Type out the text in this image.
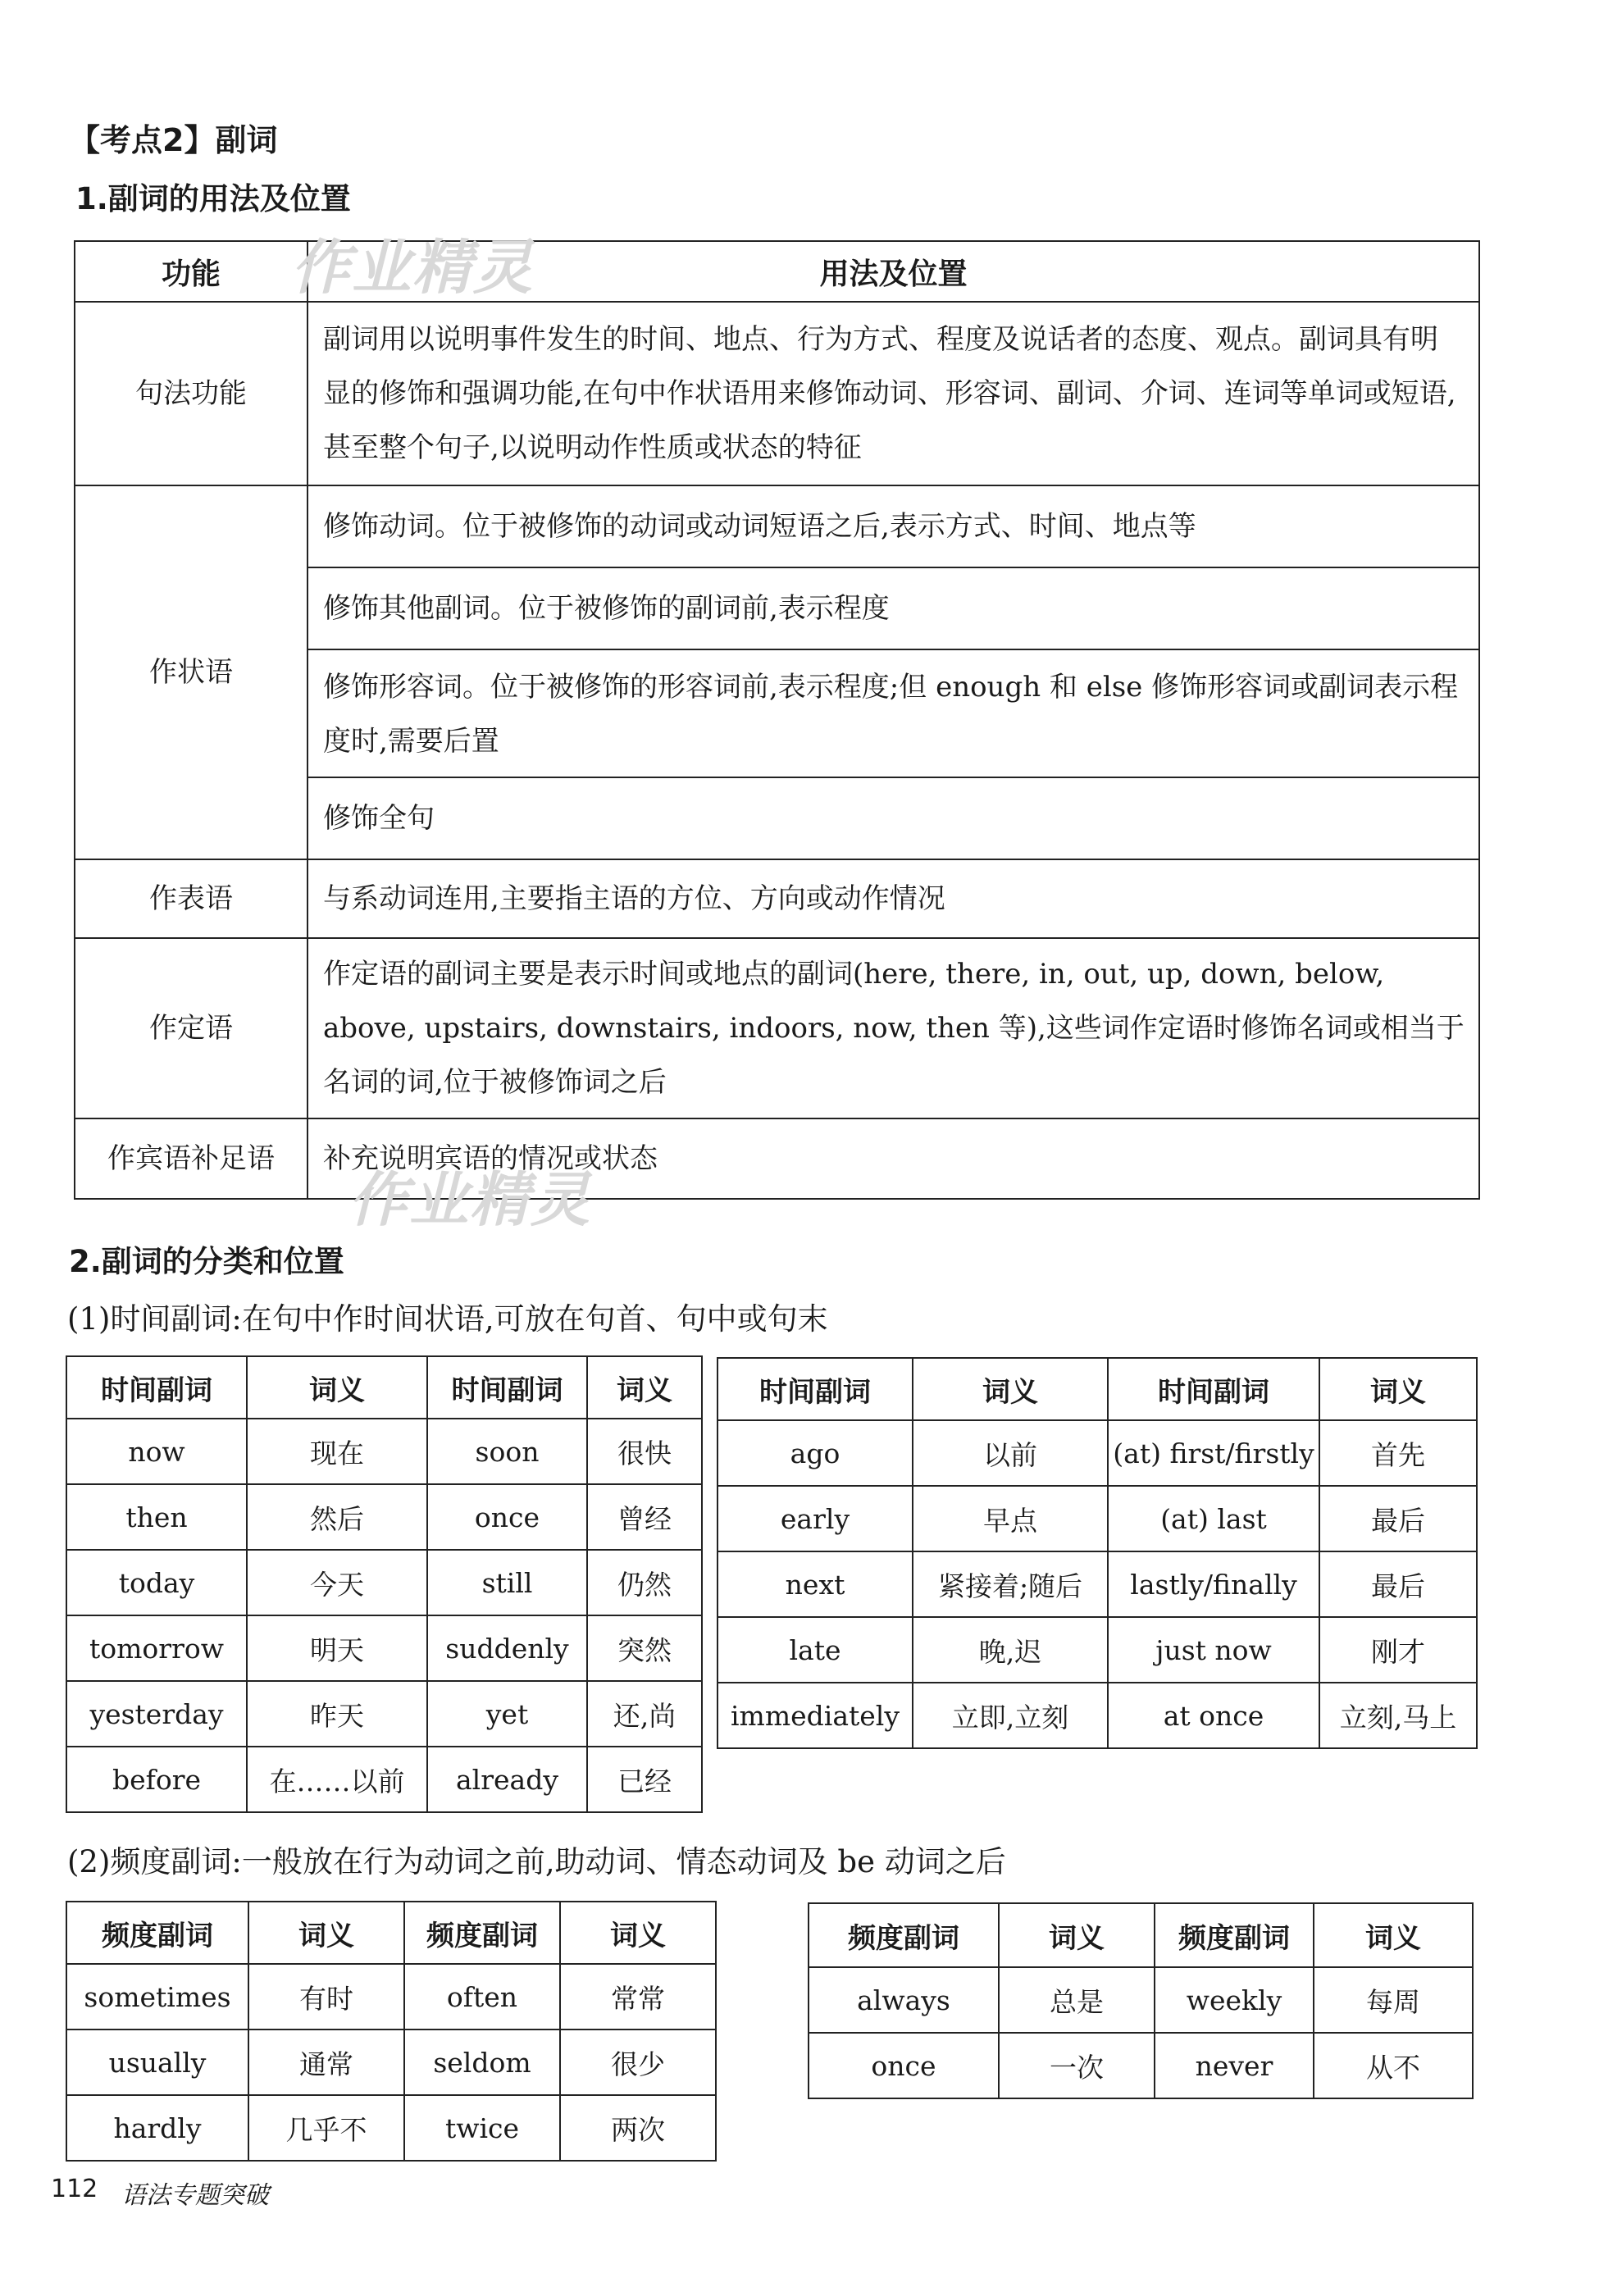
【考点2】副词
1.副词的用法及位置
功能	用法及位置
句法功能	副词用以说明事件发生的时间、地点、行为方式、程度及说话者的态度、观点。副词具有明显的修饰和强调功能,在句中作状语用来修饰动词、形容词、副词、介词、连词等单词或短语,甚至整个句子,以说明动作性质或状态的特征
作状语	修饰动词。位于被修饰的动词或动词短语之后,表示方式、时间、地点等
修饰其他副词。位于被修饰的副词前,表示程度
修饰形容词。位于被修饰的形容词前,表示程度;但 enough 和 else 修饰形容词或副词表示程度时,需要后置
修饰全句

作表语	与系动词连用,主要指主语的方位、方向或动作情况
作定语	作定语的副词主要是表示时间或地点的副词(here, there, in, out, up, down, below, above, upstairs, downstairs, indoors, now, then 等),这些词作定语时修饰名词或相当于名词的词,位于被修饰词之后
作宾语补足语	补充说明宾语的情况或状态
作业精灵
作业精灵
2.副词的分类和位置
(1)时间副词:在句中作时间状语,可放在句首、句中或句末
时间副词	词义	时间副词	词义
now	现在	soon	很快
then	然后	once	曾经
today	今天	still	仍然
tomorrow	明天	suddenly	突然
yesterday	昨天	yet	还,尚
before	在……以前	already	已经
时间副词	词义	时间副词	词义
ago	以前	(at) first/firstly	首先
early	早点	(at) last	最后
next	紧接着;随后	lastly/finally	最后
late	晚,迟	just now	刚才
immediately	立即,立刻	at once	立刻,马上
(2)频度副词:一般放在行为动词之前,助动词、情态动词及 be 动词之后
频度副词	词义	频度副词	词义
sometimes	有时	often	常常
usually	通常	seldom	很少
hardly	几乎不	twice	两次
频度副词	词义	频度副词	词义
always	总是	weekly	每周
once	一次	never	从不
112 语法专题突破
